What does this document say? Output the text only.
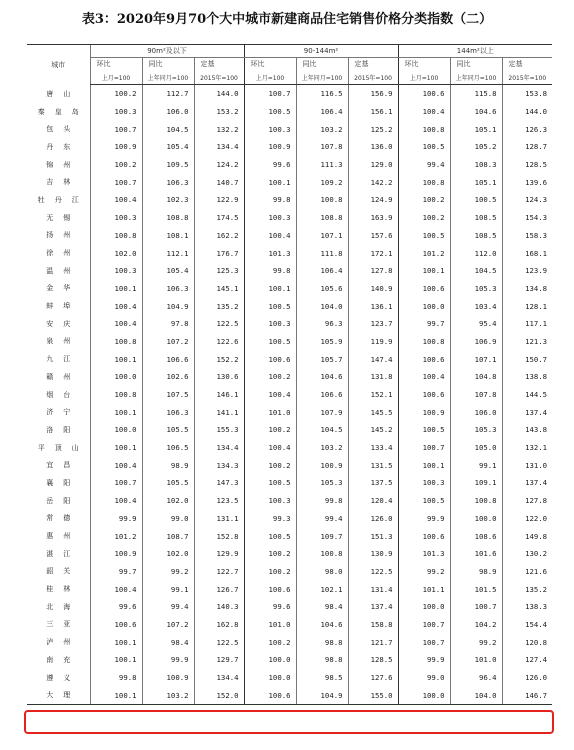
表3：2020年9月70个大中城市新建商品住宅销售价格分类指数（二）
城市	90m²及以下			90-144m²			144m²以上		
	环比	同比	定基	环比	同比	定基	环比	同比	定基
	上月=100	上年同月=100	2015年=100	上月=100	上年同月=100	2015年=100	上月=100	上年同月=100	2015年=100
唐山	100.2	112.7	144.0	100.7	116.5	156.9	100.6	115.8	153.8
秦皇岛	100.3	106.0	153.2	100.5	106.4	156.1	100.4	104.6	144.0
包头	100.7	104.5	132.2	100.3	103.2	125.2	100.8	105.1	126.3
丹东	100.9	105.4	134.4	100.9	107.8	136.0	100.5	105.2	128.7
锦州	100.2	109.5	124.2	99.6	111.3	129.0	99.4	108.3	128.5
吉林	100.7	106.3	140.7	100.1	109.2	142.2	100.8	105.1	139.6
牡丹江	100.4	102.3	122.9	99.8	100.8	124.9	100.2	100.5	124.3
无锡	100.3	108.8	174.5	100.3	108.8	163.9	100.2	108.5	154.3
扬州	100.8	108.1	162.2	100.4	107.1	157.6	100.5	108.5	158.3
徐州	102.0	112.1	176.7	101.3	111.8	172.1	101.2	112.0	168.1
温州	100.3	105.4	125.3	99.8	106.4	127.8	100.1	104.5	123.9
金华	100.1	106.3	145.1	100.1	105.6	140.9	100.6	105.3	134.8
蚌埠	100.4	104.9	135.2	100.5	104.0	136.1	100.0	103.4	128.1
安庆	100.4	97.8	122.5	100.3	96.3	123.7	99.7	95.4	117.1
泉州	100.8	107.2	122.6	100.5	105.9	119.9	100.8	106.9	121.3
九江	100.1	106.6	152.2	100.6	105.7	147.4	100.6	107.1	150.7
赣州	100.0	102.6	130.6	100.2	104.6	131.8	100.4	104.8	138.8
烟台	100.8	107.5	146.1	100.4	106.6	152.1	100.6	107.8	144.5
济宁	100.1	106.3	141.1	101.0	107.9	145.5	100.9	106.0	137.4
洛阳	100.0	105.5	155.3	100.2	104.5	145.2	100.5	105.3	143.8
平顶山	100.1	106.5	134.4	100.4	103.2	133.4	100.7	105.0	132.1
宜昌	100.4	98.9	134.3	100.2	100.9	131.5	100.1	99.1	131.0
襄阳	100.7	105.5	147.3	100.5	105.3	137.5	100.3	109.1	137.4
岳阳	100.4	102.0	123.5	100.3	99.8	120.4	100.5	100.8	127.8
常德	99.9	99.0	131.1	99.3	99.4	126.0	99.9	100.0	122.0
惠州	101.2	108.7	152.8	100.5	109.7	151.3	100.6	108.6	149.8
湛江	100.9	102.0	129.9	100.2	100.8	130.9	101.3	101.6	130.2
韶关	99.7	99.2	122.7	100.2	98.0	122.5	99.2	98.9	121.6
桂林	100.4	99.1	126.7	100.6	102.1	131.4	101.1	101.5	135.2
北海	99.6	99.4	140.3	99.6	98.4	137.4	100.0	100.7	138.3
三亚	100.6	107.2	162.8	101.0	104.6	158.8	100.7	104.2	154.4
泸州	100.1	98.4	122.5	100.2	98.8	121.7	100.7	99.2	120.8
南充	100.1	99.9	129.7	100.0	98.8	128.5	99.9	101.0	127.4
遵义	99.8	100.9	134.4	100.0	98.5	127.6	99.0	96.4	126.0
大理	100.1	103.2	152.0	100.6	104.9	155.0	100.0	104.0	146.7
